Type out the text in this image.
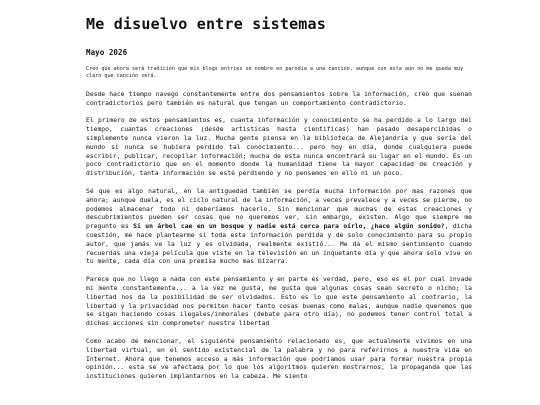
Me disuelvo entre sistemas
Mayo 2026
Creo que ahora será tradición que mis blogs entries se nombre en parodia a una canción, aunque con esta aun no me queda muy claro que canción será.

Desde hace tiempo navego constantemente entre dos pensamientos sobre la información, creo que suenan contradictorios pero también es natural que tengan un comportamiento contradictorio.

El primero de estos pensamientos es, cuanta información y conocimiento se ha perdido a lo largo del tiempo, cuantas creaciones (desde artisticas hasta cientificas) han pasado desapercibidas o simplemente nunca vieron la luz. Mucha gente piensa en la biblioteca de Alejandría y que sería del mundo si nunca se hubiera perdido tal conocimiento... pero hoy en día, donde cualquiera puede escribir, publicar, recopilar información; mucha de esta nunca encontrará su lugar en el mundo. Es un poco contradictorio que en el momento donde la humanidad tiene la mayor capacidad de creación y distribución, tanta información se esté perdiendo y no pensemos en ello ni un poco.

Sé que es algo natural, en la antiguedad también se perdía mucha información por mas razones que ahora; aunque duela, es el ciclo natural de la información, a veces prevalece y a veces se pierde, no podemos almacenar todo ni deberíamos hacerlo. Sin mencionar que muchas de estas creaciones y descubrimientos pueden ser cosas que no queremos ver, sin embargo, existen. Algo que siempre me pregunto es Si un árbol cae en un bosque y nadie está cerca para oírlo, ¿hace algún sonido?, dicha cuestión, me hace plantearme si toda esta información perdida y de solo conocimiento para su propio autor, que jamás ve la luz y es olvidada, realmente existió... Me da el mismo sentimiento cuando recuerdas una vieja película que viste en la televisión en un inquetante día y que ahora solo vive en tu mente, cada día con una premisa mucho mas bizarra.

Parece que no llego a nada con este pensamiento y en parte es verdad, pero, eso es el por cual invade mi mente constantemente... a la vez me gusta, me gusta que algunas cosas sean secreto o nicho; la libertad nos da la posibilidad de ser olvidados. Esto es lo que este pensamiento al contrario, la libertad y la privacidad nos permiten hacer tanto cosas buenas como malas, aunque nadie queremos que se sigan haciendo cosas ilegales/inmorales (debate para otro día), no podemos tener control total a dichas acciones sin comprometer nuestra libertad

Como acabo de mencionar, el siguiente pensamiento relacionado es, que actualmente vivimos en una libertad virtual, en el sentido existencial de la palabra y no para referirnos a nuestra vida en Internet. Ahora que tenemos acceso a más información que podríamos usar para formar nuestra propia opinión... esta se ve afectada por lo que los algoritmos quieren mostrarnos, la propaganda que las instituciones quieren implantarnos en la cabeza. Me siento
